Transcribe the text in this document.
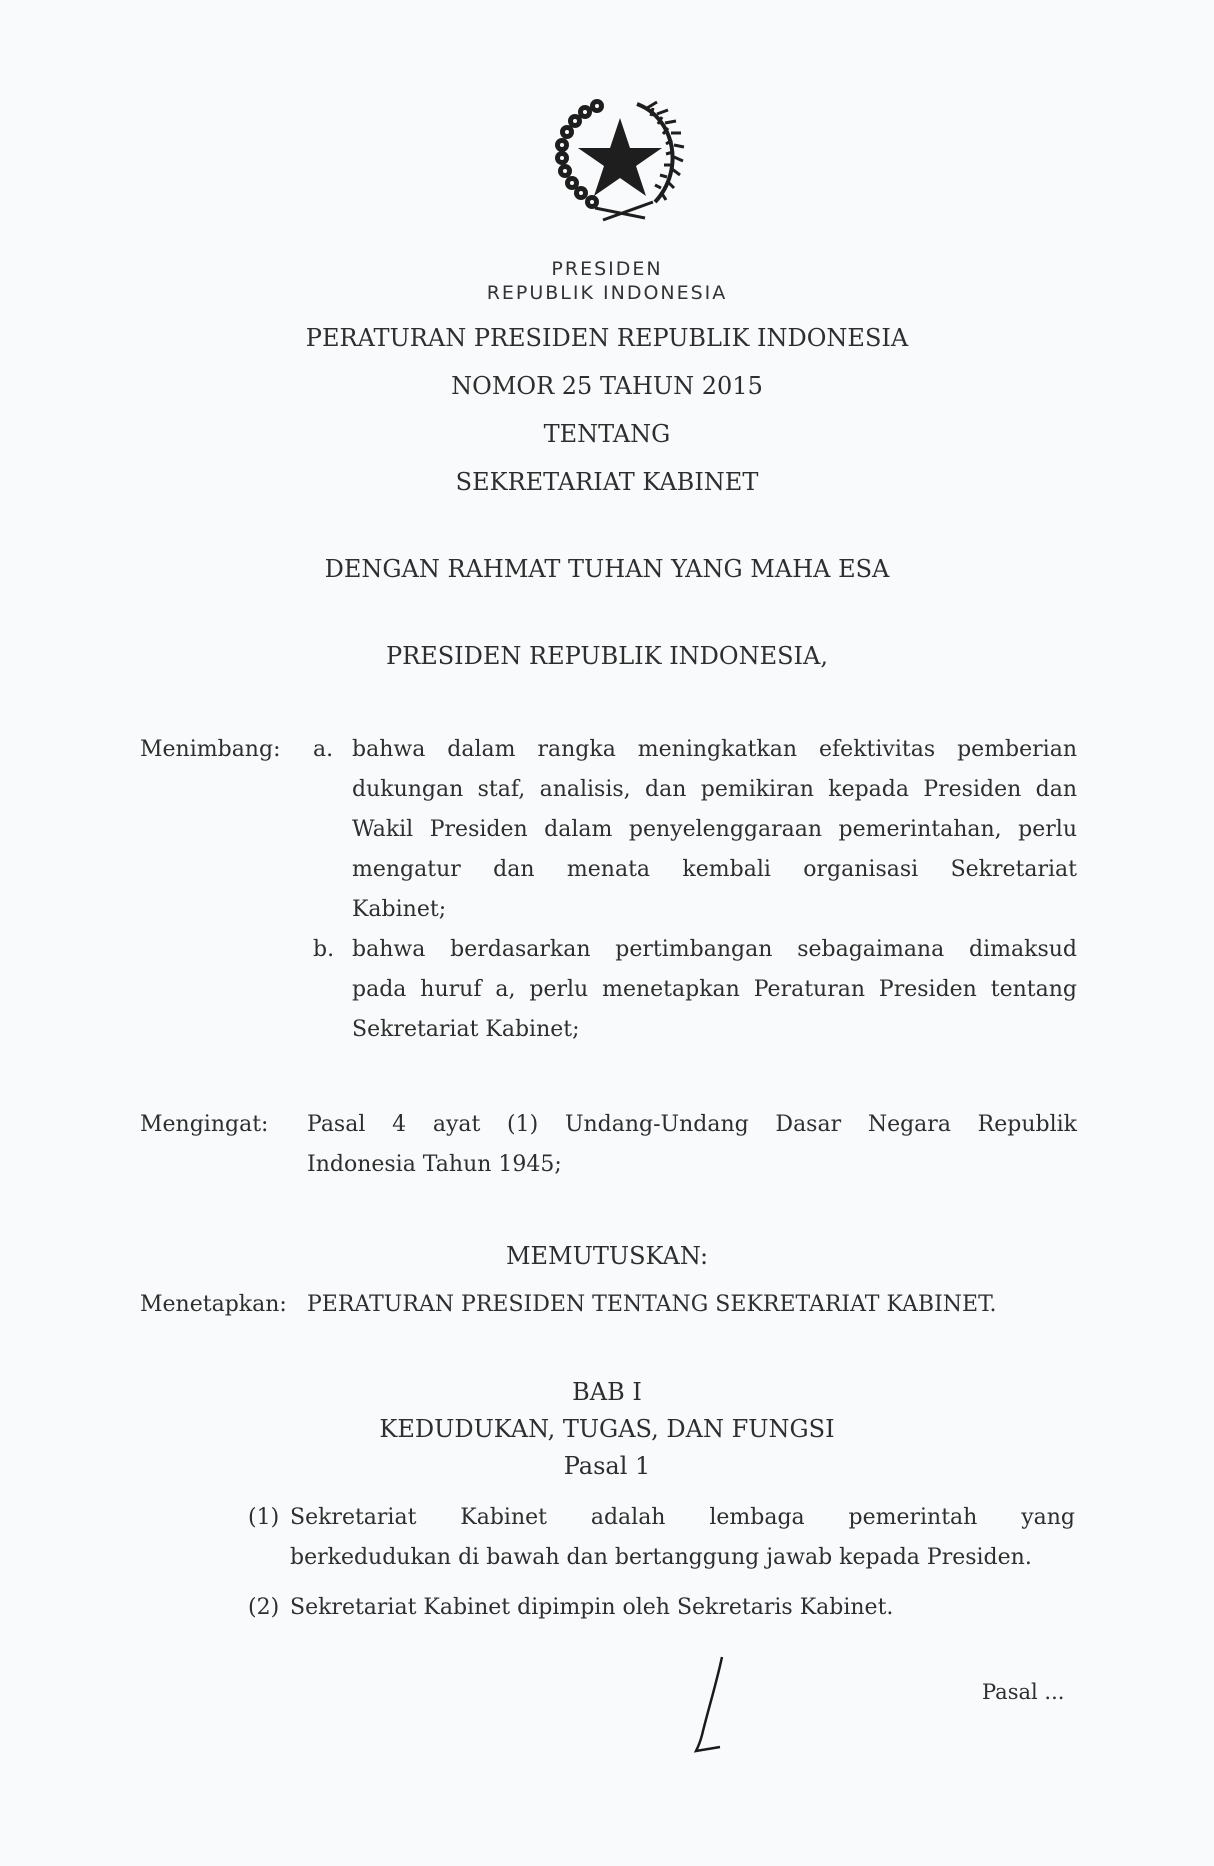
PRESIDEN
REPUBLIK INDONESIA
PERATURAN PRESIDEN REPUBLIK INDONESIA
NOMOR 25 TAHUN 2015
TENTANG
SEKRETARIAT KABINET
DENGAN RAHMAT TUHAN YANG MAHA ESA
PRESIDEN REPUBLIK INDONESIA,
Menimbang: a. bahwa dalam rangka meningkatkan efektivitas pemberian
dukungan staf, analisis, dan pemikiran kepada Presiden dan
Wakil Presiden dalam penyelenggaraan pemerintahan, perlu
mengatur dan menata kembali organisasi Sekretariat
Kabinet;
b. bahwa berdasarkan pertimbangan sebagaimana dimaksud
pada huruf a, perlu menetapkan Peraturan Presiden tentang
Sekretariat Kabinet;
Mengingat: Pasal 4 ayat (1) Undang-Undang Dasar Negara Republik
Indonesia Tahun 1945;
MEMUTUSKAN:
Menetapkan: PERATURAN PRESIDEN TENTANG SEKRETARIAT KABINET.
BAB I
KEDUDUKAN, TUGAS, DAN FUNGSI
Pasal 1
(1) Sekretariat Kabinet adalah lembaga pemerintah yang
berkedudukan di bawah dan bertanggung jawab kepada Presiden.
(2) Sekretariat Kabinet dipimpin oleh Sekretaris Kabinet.
Pasal ...
